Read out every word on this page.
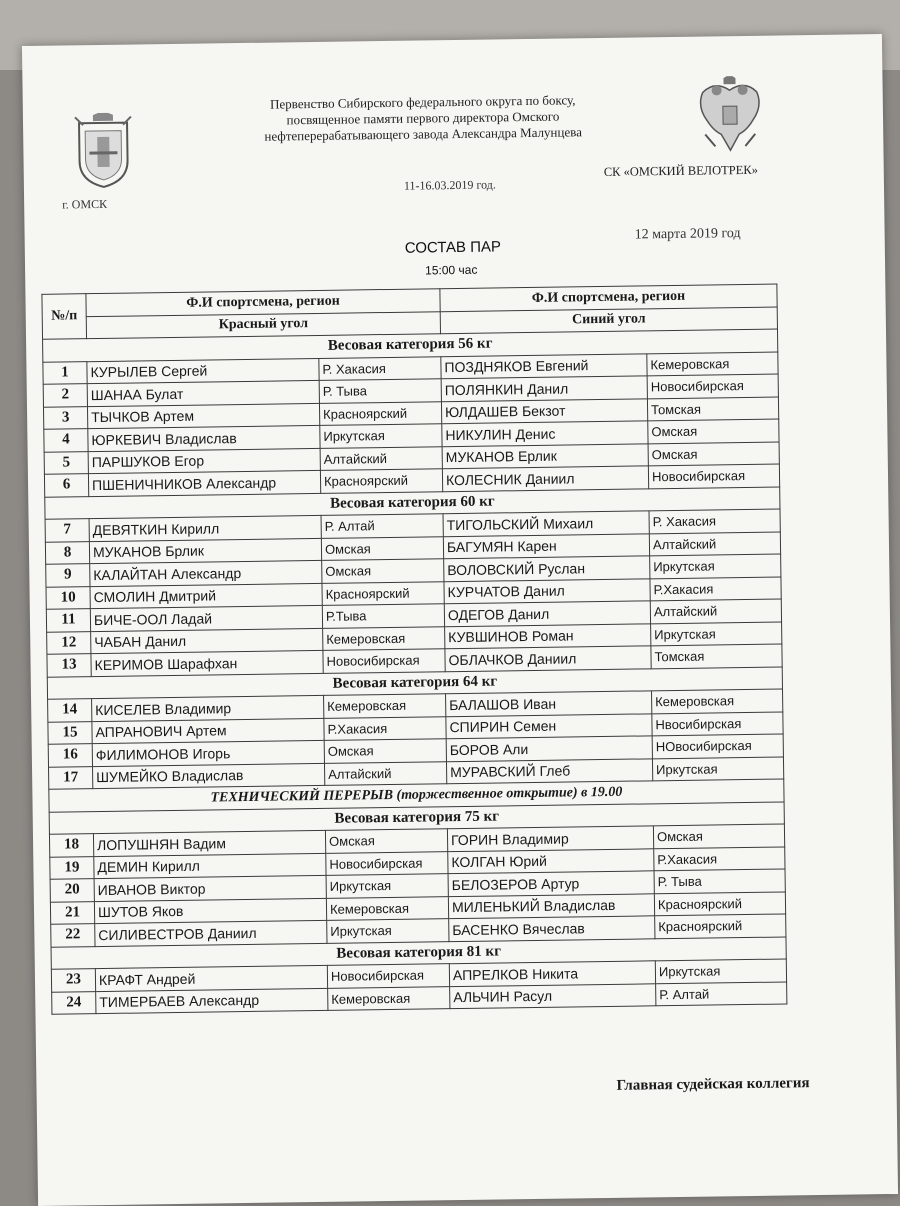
г. ОМСК
Первенство Сибирского федерального округа по боксу,
посвященное памяти первого директора Омского
нефтеперерабатывающего завода Александра Малунцева
11-16.03.2019 год.
СК «ОМСКИЙ ВЕЛОТРЕК»
СОСТАВ ПАР
15:00 час
12 марта 2019 год
№/п	Ф.И спортсмена, регион		Ф.И спортсмена, регион	
	Красный угол		Синий угол	
Весовая категория 56 кг				
1	КУРЫЛЕВ Сергей	Р. Хакасия	ПОЗДНЯКОВ Евгений	Кемеровская
2	ШАНАА Булат	Р. Тыва	ПОЛЯНКИН Данил	Новосибирская
3	ТЫЧКОВ Артем	Красноярский	ЮЛДАШЕВ Бекзот	Томская
4	ЮРКЕВИЧ Владислав	Иркутская	НИКУЛИН Денис	Омская
5	ПАРШУКОВ Егор	Алтайский	МУКАНОВ Ерлик	Омская
6	ПШЕНИЧНИКОВ Александр	Красноярский	КОЛЕСНИК Даниил	Новосибирская
Весовая категория 60 кг				
7	ДЕВЯТКИН Кирилл	Р. Алтай	ТИГОЛЬСКИЙ Михаил	Р. Хакасия
8	МУКАНОВ Брлик	Омская	БАГУМЯН Карен	Алтайский
9	КАЛАЙТАН Александр	Омская	ВОЛОВСКИЙ Руслан	Иркутская
10	СМОЛИН Дмитрий	Красноярский	КУРЧАТОВ Данил	Р.Хакасия
11	БИЧЕ-ООЛ Ладай	Р.Тыва	ОДЕГОВ Данил	Алтайский
12	ЧАБАН Данил	Кемеровская	КУВШИНОВ Роман	Иркутская
13	КЕРИМОВ Шарафхан	Новосибирская	ОБЛАЧКОВ Даниил	Томская
Весовая категория 64 кг				
14	КИСЕЛЕВ Владимир	Кемеровская	БАЛАШОВ Иван	Кемеровская
15	АПРАНОВИЧ Артем	Р.Хакасия	СПИРИН Семен	Нвосибирская
16	ФИЛИМОНОВ Игорь	Омская	БОРОВ Али	НОвосибирская
17	ШУМЕЙКО Владислав	Алтайский	МУРАВСКИЙ Глеб	Иркутская
ТЕХНИЧЕСКИЙ ПЕРЕРЫВ (торжественное открытие) в 19.00				
Весовая категория 75 кг				
18	ЛОПУШНЯН Вадим	Омская	ГОРИН Владимир	Омская
19	ДЕМИН Кирилл	Новосибирская	КОЛГАН Юрий	Р.Хакасия
20	ИВАНОВ Виктор	Иркутская	БЕЛОЗЕРОВ Артур	Р. Тыва
21	ШУТОВ Яков	Кемеровская	МИЛЕНЬКИЙ Владислав	Красноярский
22	СИЛИВЕСТРОВ Даниил	Иркутская	БАСЕНКО Вячеслав	Красноярский
Весовая категория 81 кг				
23	КРАФТ Андрей	Новосибирская	АПРЕЛКОВ Никита	Иркутская
24	ТИМЕРБАЕВ Александр	Кемеровская	АЛЬЧИН Расул	Р. Алтай
Главная судейская коллегия
